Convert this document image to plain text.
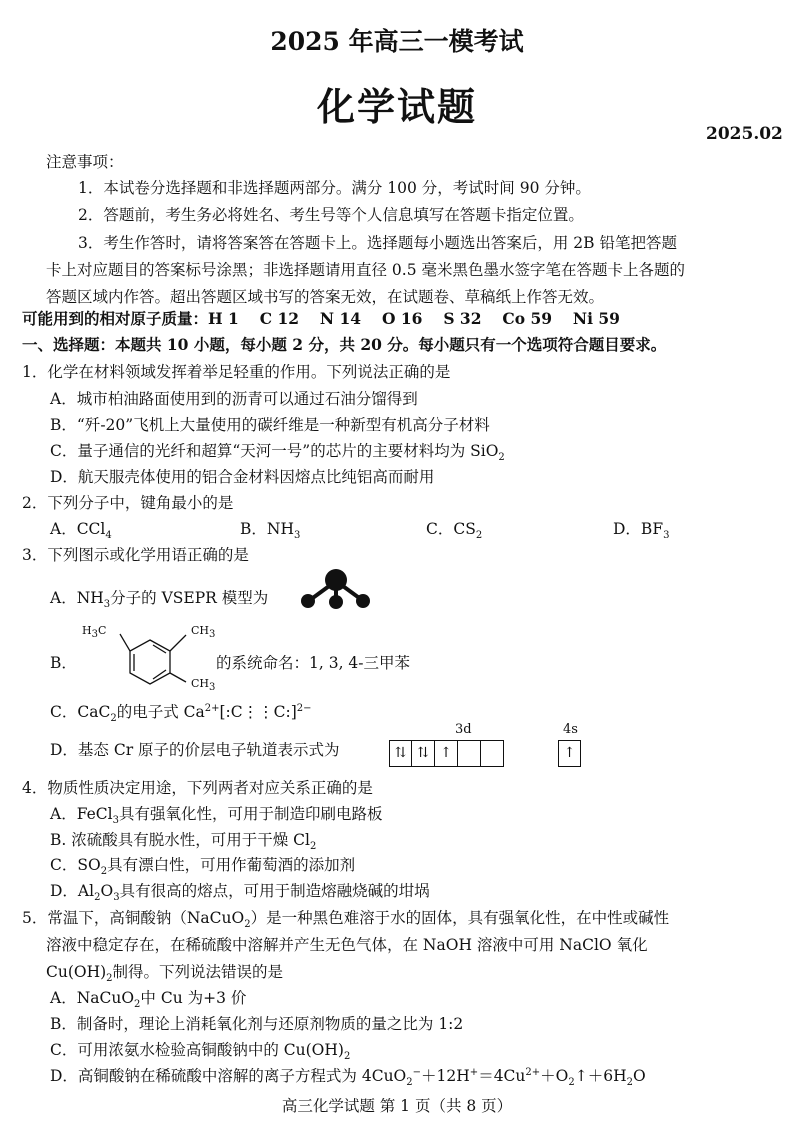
2025 年高三一模考试
化学试题
2025.02
注意事项：
1．本试卷分选择题和非选择题两部分。满分 100 分，考试时间 90 分钟。
2．答题前，考生务必将姓名、考生号等个人信息填写在答题卡指定位置。
3．考生作答时，请将答案答在答题卡上。选择题每小题选出答案后，用 2B 铅笔把答题
卡上对应题目的答案标号涂黑；非选择题请用直径 0.5 毫米黑色墨水签字笔在答题卡上各题的
答题区域内作答。超出答题区域书写的答案无效，在试题卷、草稿纸上作答无效。
可能用到的相对原子质量：H 1　 C 12　 N 14　 O 16　 S 32　 Co 59　 Ni 59
一、选择题：本题共 10 小题，每小题 2 分，共 20 分。每小题只有一个选项符合题目要求。
1．化学在材料领域发挥着举足轻重的作用。下列说法正确的是
A．城市柏油路面使用到的沥青可以通过石油分馏得到
B．“歼-20”飞机上大量使用的碳纤维是一种新型有机高分子材料
C．量子通信的光纤和超算“天河一号”的芯片的主要材料均为 SiO$_2$
D．航天服壳体使用的铝合金材料因熔点比纯铝高而耐用
2．下列分子中，键角最小的是
A．CCl$_4$	B．$NH_3$	C．$CS_2$	D．$BF_3$
3．下列图示或化学用语正确的是
A．$NH_3$分子的 VSEPR 模型为
B．
$H_3C$	$CH_3$
$CH_3$
的系统命名：1, 3, 4-三甲苯
C．CaC$_2$的电子式 $Ca^{2+}[:C⋮⋮C:]^{2-}$
D．基态 Cr 原子的价层电子轨道表示式为
3d	4s
⇅ ⇅ ↑	↑
4．物质性质决定用途，下列两者对应关系正确的是
A．FeCl$_3$具有强氧化性，可用于制造印刷电路板
B. 浓硫酸具有脱水性，可用于干燥 $Cl_2$
C．$SO_2$具有漂白性，可用作葡萄酒的添加剂
D．$Al_2O_3$具有很高的熔点，可用于制造熔融烧碱的坩埚
5．常温下，高铜酸钠（NaCuO$_2$）是一种黑色难溶于水的固体，具有强氧化性，在中性或碱性
溶液中稳定存在，在稀硫酸中溶解并产生无色气体，在 NaOH 溶液中可用 NaClO 氧化
$Cu(OH)_2$制得。下列说法错误的是
A．NaCuO$_2$中 Cu 为+3 价
B．制备时，理论上消耗氧化剂与还原剂物质的量之比为 1:2
C．可用浓氨水检验高铜酸钠中的 $Cu(OH)_2$
D．高铜酸钠在稀硫酸中溶解的离子方程式为 $4CuO_2^-+12H^+=4Cu^{2+}+O_2↑+6H_2O$
高三化学试题 第 1 页（共 8 页）
